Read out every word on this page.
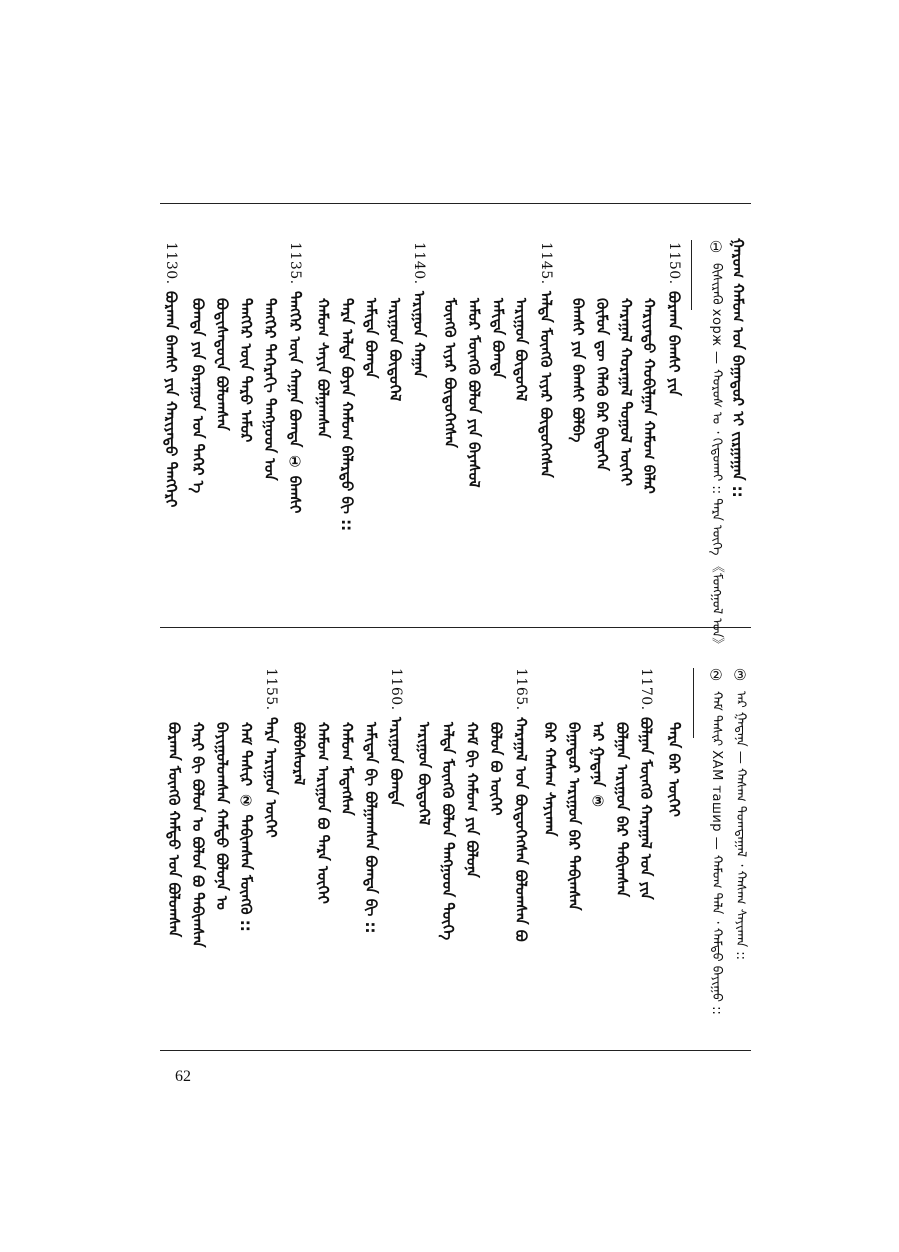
ᠭᠠᠷᠤᠭ ᠬᠠᠮᠤᠭ ᠤᠨ ᠪᠠᠭᠠᠲᠤᠷ ᠢ ᠵᠢᠷᠭᠠᠭᠠᠨ ::
①
ᠪᠢᠰᠢᠷᠡᠬᠦ xорж — ᠬᠣᠷᠤᠰ ᠤ ᠂ ᠬᠢᠳᠤᠬᠠᠢ :: ᠲᠡᠷᠡ ᠦᠭᠡ 《ᠮᠣᠩᠭᠣᠯ ᠤᠨ》
1150.
ᠪᠤᠷᠬᠠᠨ ᠪᠠᠭᠰᠢ ᠶᠢᠨ
ᠬᠠᠷᠢᠶᠠᠲᠤ ᠬᠤᠪᠢᠯᠭᠠᠨ ᠬᠠᠮᠤᠭ ᠪᠠᠯᠠᠷ
ᠬᠠᠷᠠᠭᠠᠯ ᠬᠤᠷᠠᠭᠠᠯ ᠲᠣᠭᠤᠯ ᠦᠭᠡᠢ
ᠬᠦᠮᠦᠨ ᠳᠦ ᠬᠡᠯᠡᠬᠦ ᠪᠡᠷ ᠪᠢᠳᠡᠬᠡᠨ
ᠪᠠᠭᠰᠢ ᠶᠢᠨ ᠪᠠᠭᠰᠢ ᠪᠣᠯᠪᠠ
1145.
ᠠᠯᠲᠠ ᠮᠥᠩᠭᠦ ᠢᠶᠠᠷ ᠪᠦᠲᠦᠭᠡᠭᠰᠡᠨ
ᠠᠷᠢᠭᠤᠨ ᠪᠦᠲᠦᠭᠡᠯ
ᠠᠮᠢᠳᠠ ᠪᠣᠭᠳᠠ
ᠠᠮᠤᠷ ᠮᠥᠩᠭᠦ ᠪᠣᠯᠤᠨ ᠶᠢᠨ ᠪᠠᠶᠠᠰᠤᠯ
ᠮᠥᠩᠭᠦ ᠢᠶᠠᠷ ᠪᠦᠲᠦᠭᠡᠭᠰᠡᠨ
1140.
ᠠᠷᠢᠭᠤᠨ ᠬᠠᠭᠠᠨ
ᠠᠷᠢᠭᠤᠨ ᠪᠦᠲᠦᠭᠡᠯ
ᠠᠮᠢᠳᠠ ᠪᠣᠭᠳᠠ
ᠲᠡᠷᠡ ᠠᠯᠲᠠ ᠪᠣᠶᠠᠨ ᠬᠠᠮᠤᠭ ᠪᠠᠯᠠᠷᠳᠤ ᠪᠢ ::
ᠬᠠᠮᠤᠭ ᠰᠠᠶᠢᠨ ᠪᠣᠯᠭᠠᠭᠰᠠᠨ
1135.
ᠲᠡᠩᠭᠡᠷ ᠦᠨ ᠬᠠᠭᠠᠨ ᠪᠣᠭᠳᠠ ① ᠪᠠᠭᠰᠢ
ᠲᠡᠩᠭᠡᠷ ᠳᠡᠭᠡᠷᠡᠬᠢ ᠲᠠᠩᠭᠤᠳ ᠤᠨ
ᠲᠡᠩᠭᠡᠷ ᠦᠨ ᠳᠠᠷᠤ ᠠᠮᠤᠷ
ᠪᠣᠳᠢᠰᠠᠳᠤᠸᠠ ᠪᠣᠯᠤᠭᠰᠠᠨ
ᠪᠣᠭᠳᠠ ᠶᠢᠨ ᠪᠠᠷᠠᠭᠤᠨ ᠤᠨ ᠳᠡᠭᠡᠷ ᠡ
1130.
ᠪᠤᠷᠬᠠᠨ ᠪᠠᠭᠰᠢ ᠶᠢᠨ ᠬᠠᠷᠢᠶᠠᠲᠤ ᠲᠡᠩᠭᠡᠷᠢ
③
ᠠᠷ ᠭᠠᠳᠠᠨᠠ — ᠬᠠᠰᠠᠭ ᠲᠣᠭᠲᠠᠭᠠᠯ ᠂ ᠬᠠᠰᠠᠭ ᠰᠠᠶᠢᠬᠠᠨ ::
②
ᠬᠠᠮ ᠲᠠᠰᠢᠷ ХАМ ташир — ᠬᠠᠮᠤᠭ ᠲᠠᠯᠠ ᠂ ᠬᠠᠮᠲᠤ ᠪᠠᠶᠢᠭᠤ ::
ᠲᠡᠷᠡ ᠪᠡᠷ ᠦᠭᠡᠢ
1170.
ᠪᠣᠯᠭᠠᠨ ᠮᠥᠩᠭᠦ ᠬᠠᠷᠠᠭᠠᠯ ᠤᠨ ᠶᠢᠨ
ᠪᠣᠯᠭᠠᠨ ᠠᠷᠢᠭᠤᠨ ᠪᠡᠷ ᠲᠠᠪᠢᠭᠰᠠᠨ
ᠠᠷ ᠭᠠᠳᠠᠨᠠ ③
ᠪᠠᠭᠠᠲᠤᠷ ᠠᠷᠢᠭᠤᠨ ᠪᠡᠷ ᠲᠠᠪᠢᠭᠰᠠᠨ
ᠪᠠᠷ ᠬᠠᠰᠠᠭ ᠰᠠᠶᠢᠬᠠᠨ
1165.
ᠬᠠᠷᠠᠭᠠᠯ ᠤᠨ ᠪᠦᠲᠦᠭᠡᠭᠰᠡᠨ ᠪᠣᠯᠤᠭᠰᠠᠨ ᠪᠤ
ᠪᠣᠯᠤᠨ ᠪᠤ ᠦᠭᠡᠢ
ᠬᠠᠮ ᠪᠢ ᠬᠠᠮᠤᠭ ᠶᠢᠨ ᠪᠣᠯᠤᠨᠠ
ᠠᠯᠲᠠ ᠮᠥᠩᠭᠦ ᠪᠣᠯᠤᠨ ᠲᠠᠩᠭᠤᠳ ᠲᠦᠭᠡ
ᠠᠷᠢᠭᠤᠨ ᠪᠦᠲᠦᠭᠡᠯ
1160.
ᠠᠷᠢᠭᠤᠨ ᠪᠣᠭᠳᠠ
ᠠᠮᠢᠳᠠᠨ ᠪᠢ ᠪᠣᠯᠭᠠᠭᠰᠠᠨ ᠪᠣᠭᠳᠠ ᠪᠢ ::
ᠬᠠᠮᠤᠭ ᠮᠡᠳᠡᠭᠰᠡᠨ
ᠬᠠᠮᠤᠭ ᠠᠷᠢᠭᠤᠨ ᠪᠤ ᠲᠡᠷᠡ ᠦᠭᠡᠢ
ᠪᠣᠯᠪᠠᠰᠤᠷᠠᠯ
1155.
ᠲᠡᠷᠡ ᠠᠷᠢᠭᠤᠨ ᠦᠭᠡᠢ
ᠬᠠᠮ ᠲᠠᠰᠢᠷ ② ᠲᠠᠪᠢᠭᠰᠠᠨ ᠮᠥᠩᠭᠦ ::
ᠪᠠᠶᠢᠭᠤᠯᠤᠭᠰᠠᠨ ᠬᠠᠮᠲᠤ ᠪᠣᠯᠤᠨᠠ ᠣ
ᠬᠠᠷᠢ ᠪᠢ ᠪᠣᠯᠤᠨ ᠤ ᠪᠣᠯᠤᠨ ᠪᠣ ᠲᠠᠪᠢᠭᠰᠠᠨ
ᠪᠤᠷᠬᠠᠨ ᠮᠥᠩᠭᠦ ᠬᠠᠮᠲᠤ ᠤᠨ ᠪᠣᠯᠤᠭᠰᠠᠨ
62
